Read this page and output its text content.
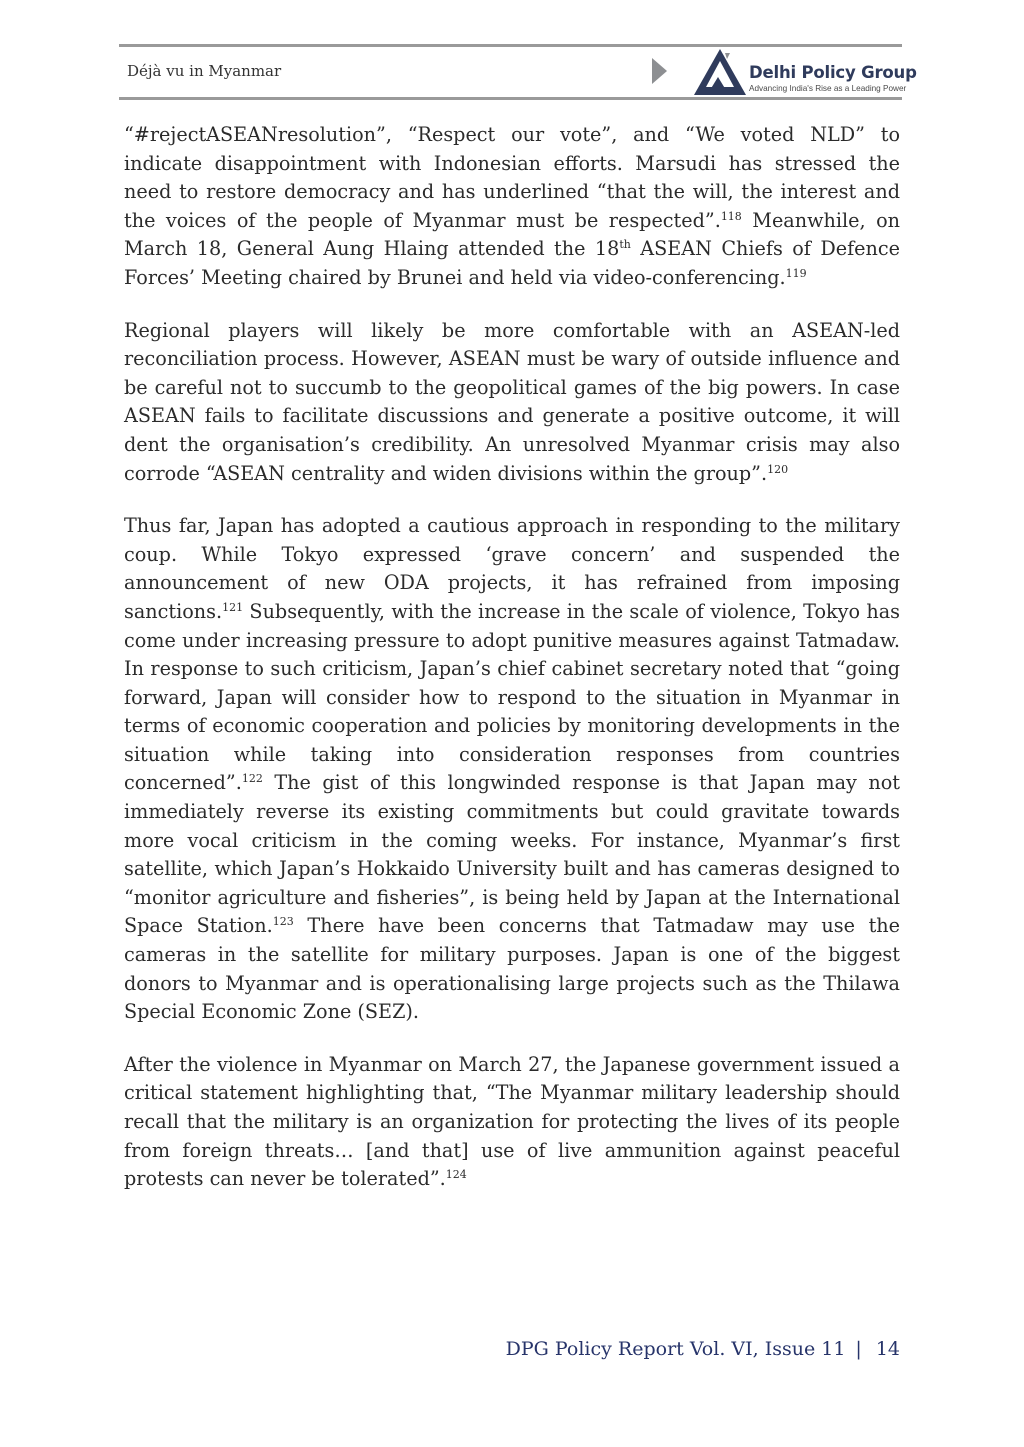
Déjà vu in Myanmar	Delhi Policy Group
Advancing India's Rise as a Leading Power

“#rejectASEANresolution”, “Respect our vote”, and “We voted NLD” to indicate disappointment with Indonesian efforts. Marsudi has stressed the need to restore democracy and has underlined “that the will, the interest and the voices of the people of Myanmar must be respected”.$^{118}$ Meanwhile, on March 18, General Aung Hlaing attended the 18th ASEAN Chiefs of Defence Forces’ Meeting chaired by Brunei and held via video-conferencing.$^{119}$

Regional players will likely be more comfortable with an ASEAN-led reconciliation process. However, ASEAN must be wary of outside influence and be careful not to succumb to the geopolitical games of the big powers. In case ASEAN fails to facilitate discussions and generate a positive outcome, it will dent the organisation’s credibility. An unresolved Myanmar crisis may also corrode “ASEAN centrality and widen divisions within the group”.$^{120}$

Thus far, Japan has adopted a cautious approach in responding to the military coup. While Tokyo expressed ‘grave concern’ and suspended the announcement of new ODA projects, it has refrained from imposing sanctions.$^{121}$ Subsequently, with the increase in the scale of violence, Tokyo has come under increasing pressure to adopt punitive measures against Tatmadaw. In response to such criticism, Japan’s chief cabinet secretary noted that “going forward, Japan will consider how to respond to the situation in Myanmar in terms of economic cooperation and policies by monitoring developments in the situation while taking into consideration responses from countries concerned”.$^{122}$ The gist of this longwinded response is that Japan may not immediately reverse its existing commitments but could gravitate towards more vocal criticism in the coming weeks. For instance, Myanmar’s first satellite, which Japan’s Hokkaido University built and has cameras designed to “monitor agriculture and fisheries”, is being held by Japan at the International Space Station.$^{123}$ There have been concerns that Tatmadaw may use the cameras in the satellite for military purposes. Japan is one of the biggest donors to Myanmar and is operationalising large projects such as the Thilawa Special Economic Zone (SEZ).

After the violence in Myanmar on March 27, the Japanese government issued a critical statement highlighting that, “The Myanmar military leadership should recall that the military is an organization for protecting the lives of its people from foreign threats… [and that] use of live ammunition against peaceful protests can never be tolerated”.$^{124}$

DPG Policy Report Vol. VI, Issue 11 | 14
